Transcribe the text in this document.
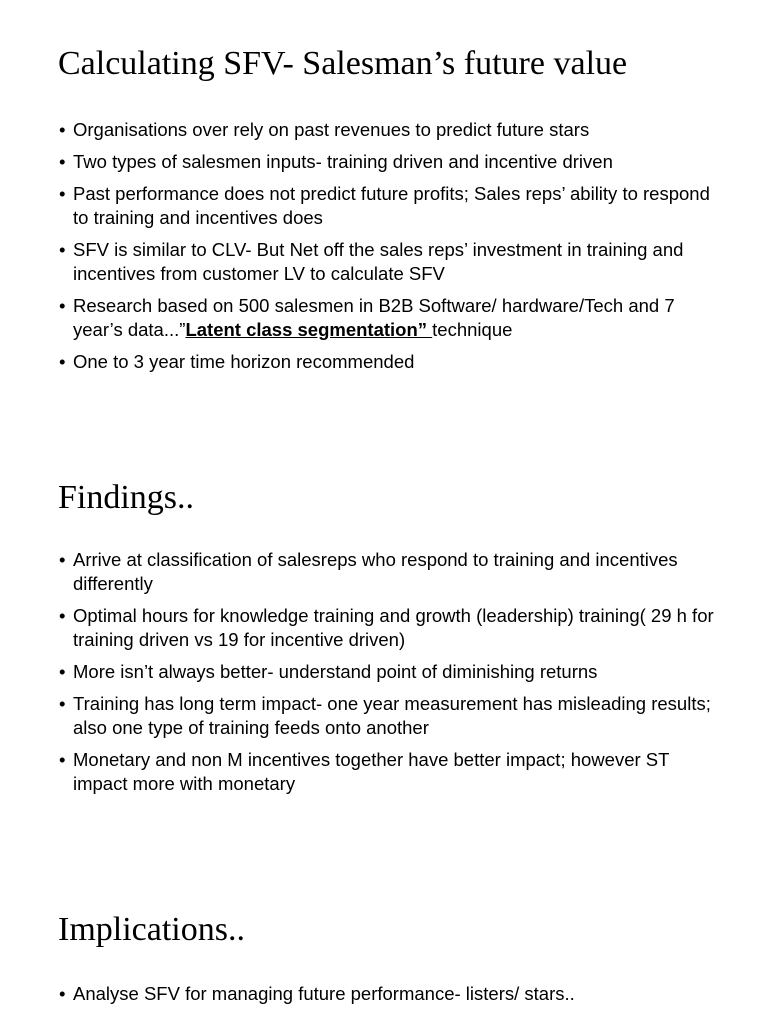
Calculating SFV- Salesman’s future value
• Organisations over rely on past revenues to predict future stars
• Two types of salesmen inputs- training driven and incentive driven
• Past performance does not predict future profits; Sales reps’ ability to respond to training and incentives does
• SFV is similar to CLV- But Net off the sales reps’ investment in training and incentives from customer LV to calculate SFV
• Research based on 500 salesmen in B2B Software/ hardware/Tech and 7 year’s data...”Latent class segmentation” technique
• One to 3 year time horizon recommended
Findings..
• Arrive at classification of salesreps who respond to training and incentives differently
• Optimal hours for knowledge training and growth (leadership) training( 29 h for training driven vs 19 for incentive driven)
• More isn’t always better- understand point of diminishing returns
• Training has long term impact- one year measurement has misleading results; also one type of training feeds onto another
• Monetary and non M incentives together have better impact; however ST impact more with monetary
Implications..
• Analyse SFV for managing future performance- listers/ stars..
